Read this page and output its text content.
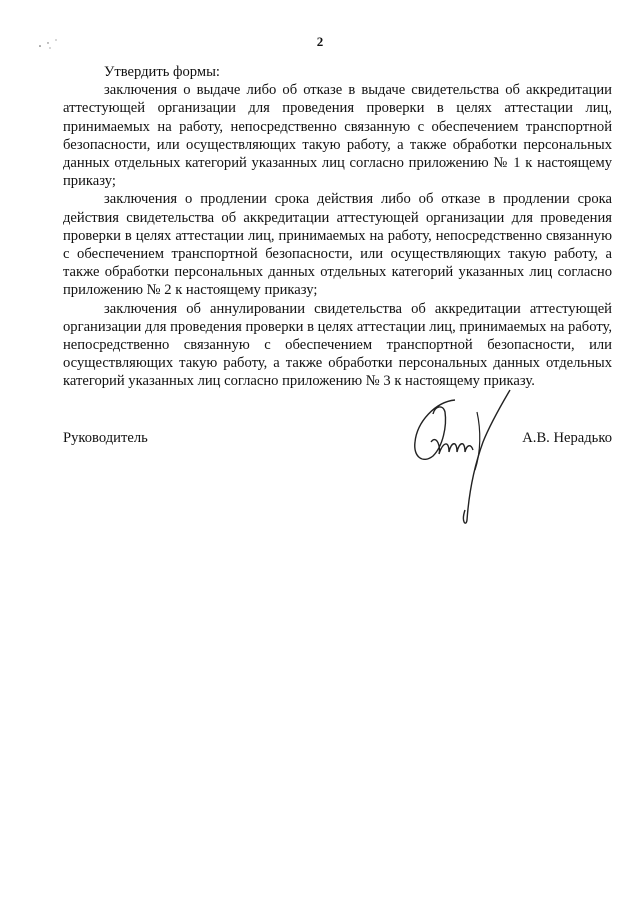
2
Утвердить формы:

заключения о выдаче либо об отказе в выдаче свидетельства об аккредитации аттестующей организации для проведения проверки в целях аттестации лиц, принимаемых на работу, непосредственно связанную с обеспечением транспортной безопасности, или осуществляющих такую работу, а также обработки персональных данных отдельных категорий указанных лиц согласно приложению № 1 к настоящему приказу;

заключения о продлении срока действия либо об отказе в продлении срока действия свидетельства об аккредитации аттестующей организации для проведения проверки в целях аттестации лиц, принимаемых на работу, непосредственно связанную с обеспечением транспортной безопасности, или осуществляющих такую работу, а также обработки персональных данных отдельных категорий указанных лиц согласно приложению № 2 к настоящему приказу;

заключения об аннулировании свидетельства об аккредитации аттестующей организации для проведения проверки в целях аттестации лиц, принимаемых на работу, непосредственно связанную с обеспечением транспортной безопасности, или осуществляющих такую работу, а также обработки персональных данных отдельных категорий указанных лиц согласно приложению № 3 к настоящему приказу.

Руководитель	А.В. Нерадько
